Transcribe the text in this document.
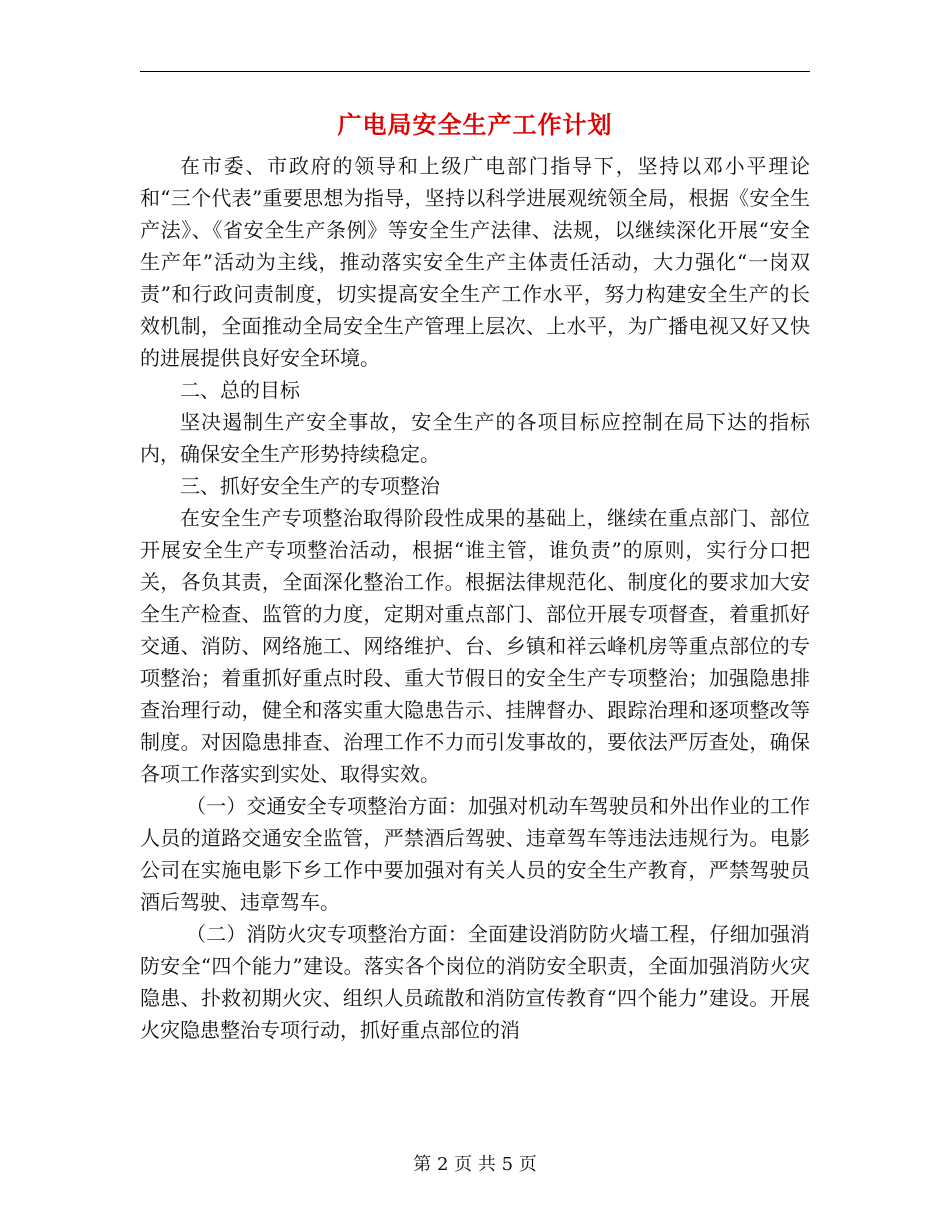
广电局安全生产工作计划

在市委、市政府的领导和上级广电部门指导下，坚持以邓小平理论和“三个代表”重要思想为指导，坚持以科学进展观统领全局，根据《安全生产法》、《省安全生产条例》等安全生产法律、法规，以继续深化开展“安全生产年”活动为主线，推动落实安全生产主体责任活动，大力强化“一岗双责”和行政问责制度，切实提高安全生产工作水平，努力构建安全生产的长效机制，全面推动全局安全生产管理上层次、上水平，为广播电视又好又快的进展提供良好安全环境。

二、总的目标

坚决遏制生产安全事故，安全生产的各项目标应控制在局下达的指标内，确保安全生产形势持续稳定。

三、抓好安全生产的专项整治

在安全生产专项整治取得阶段性成果的基础上，继续在重点部门、部位开展安全生产专项整治活动，根据“谁主管，谁负责”的原则，实行分口把关，各负其责，全面深化整治工作。根据法律规范化、制度化的要求加大安全生产检查、监管的力度，定期对重点部门、部位开展专项督查，着重抓好交通、消防、网络施工、网络维护、台、乡镇和祥云峰机房等重点部位的专项整治；着重抓好重点时段、重大节假日的安全生产专项整治；加强隐患排查治理行动，健全和落实重大隐患告示、挂牌督办、跟踪治理和逐项整改等制度。对因隐患排查、治理工作不力而引发事故的，要依法严厉查处，确保各项工作落实到实处、取得实效。

（一）交通安全专项整治方面：加强对机动车驾驶员和外出作业的工作人员的道路交通安全监管，严禁酒后驾驶、违章驾车等违法违规行为。电影公司在实施电影下乡工作中要加强对有关人员的安全生产教育，严禁驾驶员酒后驾驶、违章驾车。

（二）消防火灾专项整治方面：全面建设消防防火墙工程，仔细加强消防安全“四个能力”建设。落实各个岗位的消防安全职责，全面加强消防火灾隐患、扑救初期火灾、组织人员疏散和消防宣传教育“四个能力”建设。开展火灾隐患整治专项行动，抓好重点部位的消

第 2 页 共 5 页
